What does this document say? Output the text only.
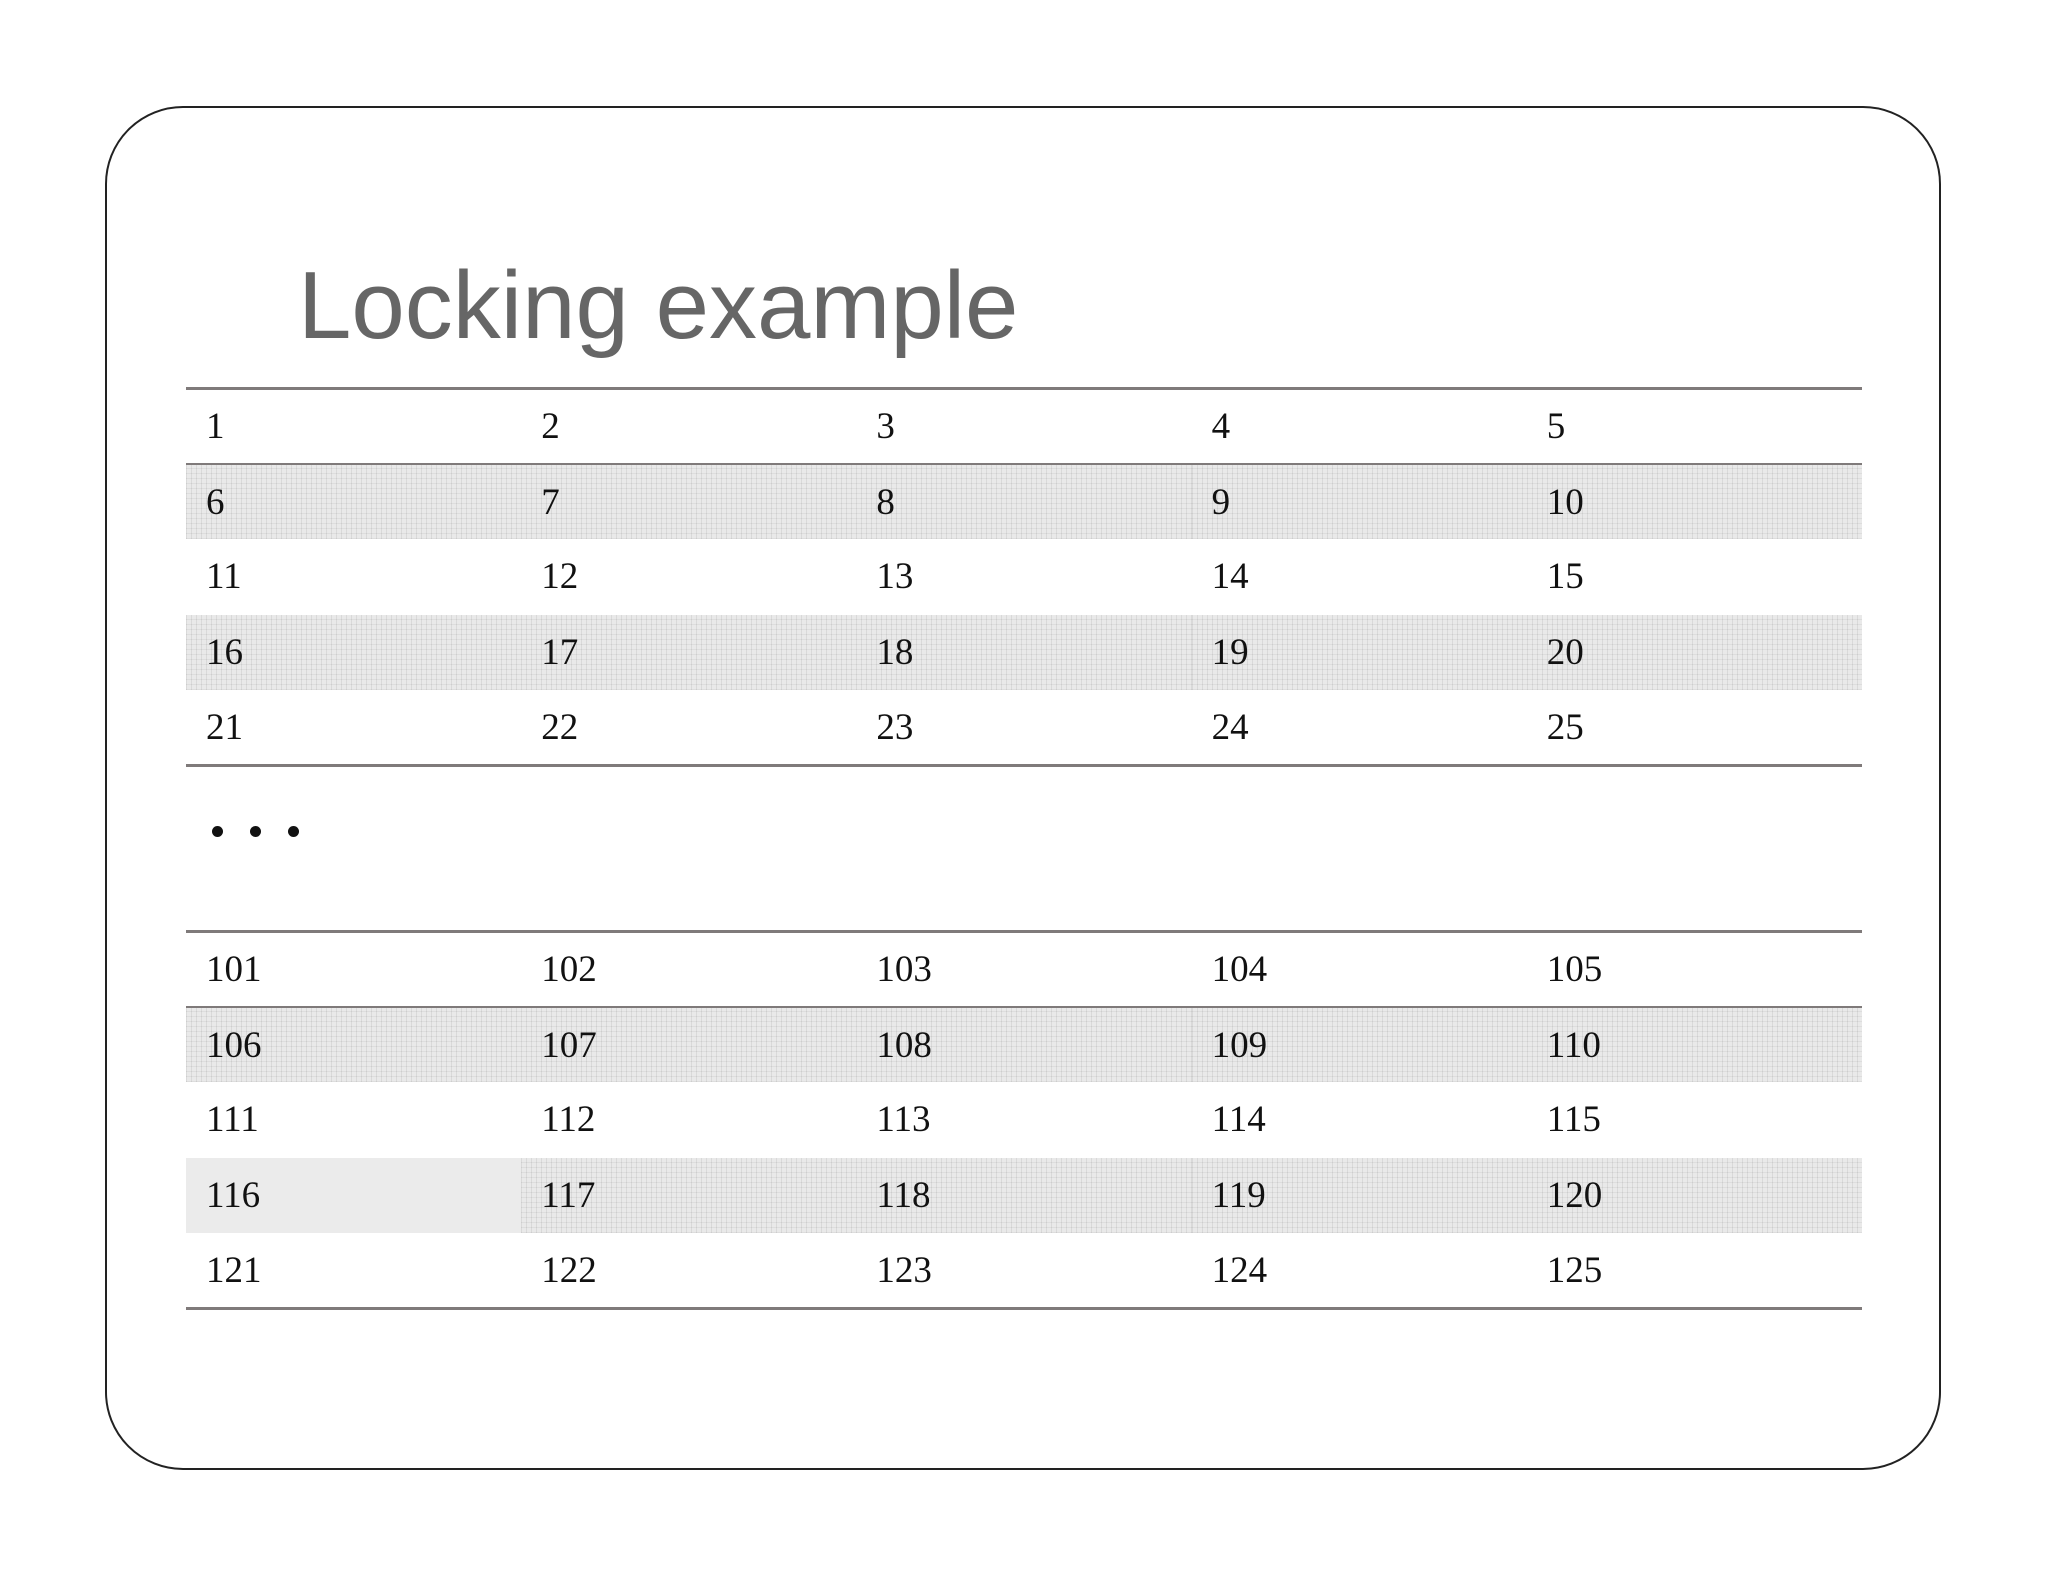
Locking example
1	2	3	4	5
6	7	8	9	10
11	12	13	14	15
16	17	18	19	20
21	22	23	24	25
101	102	103	104	105
106	107	108	109	110
111	112	113	114	115
116	117	118	119	120
121	122	123	124	125
